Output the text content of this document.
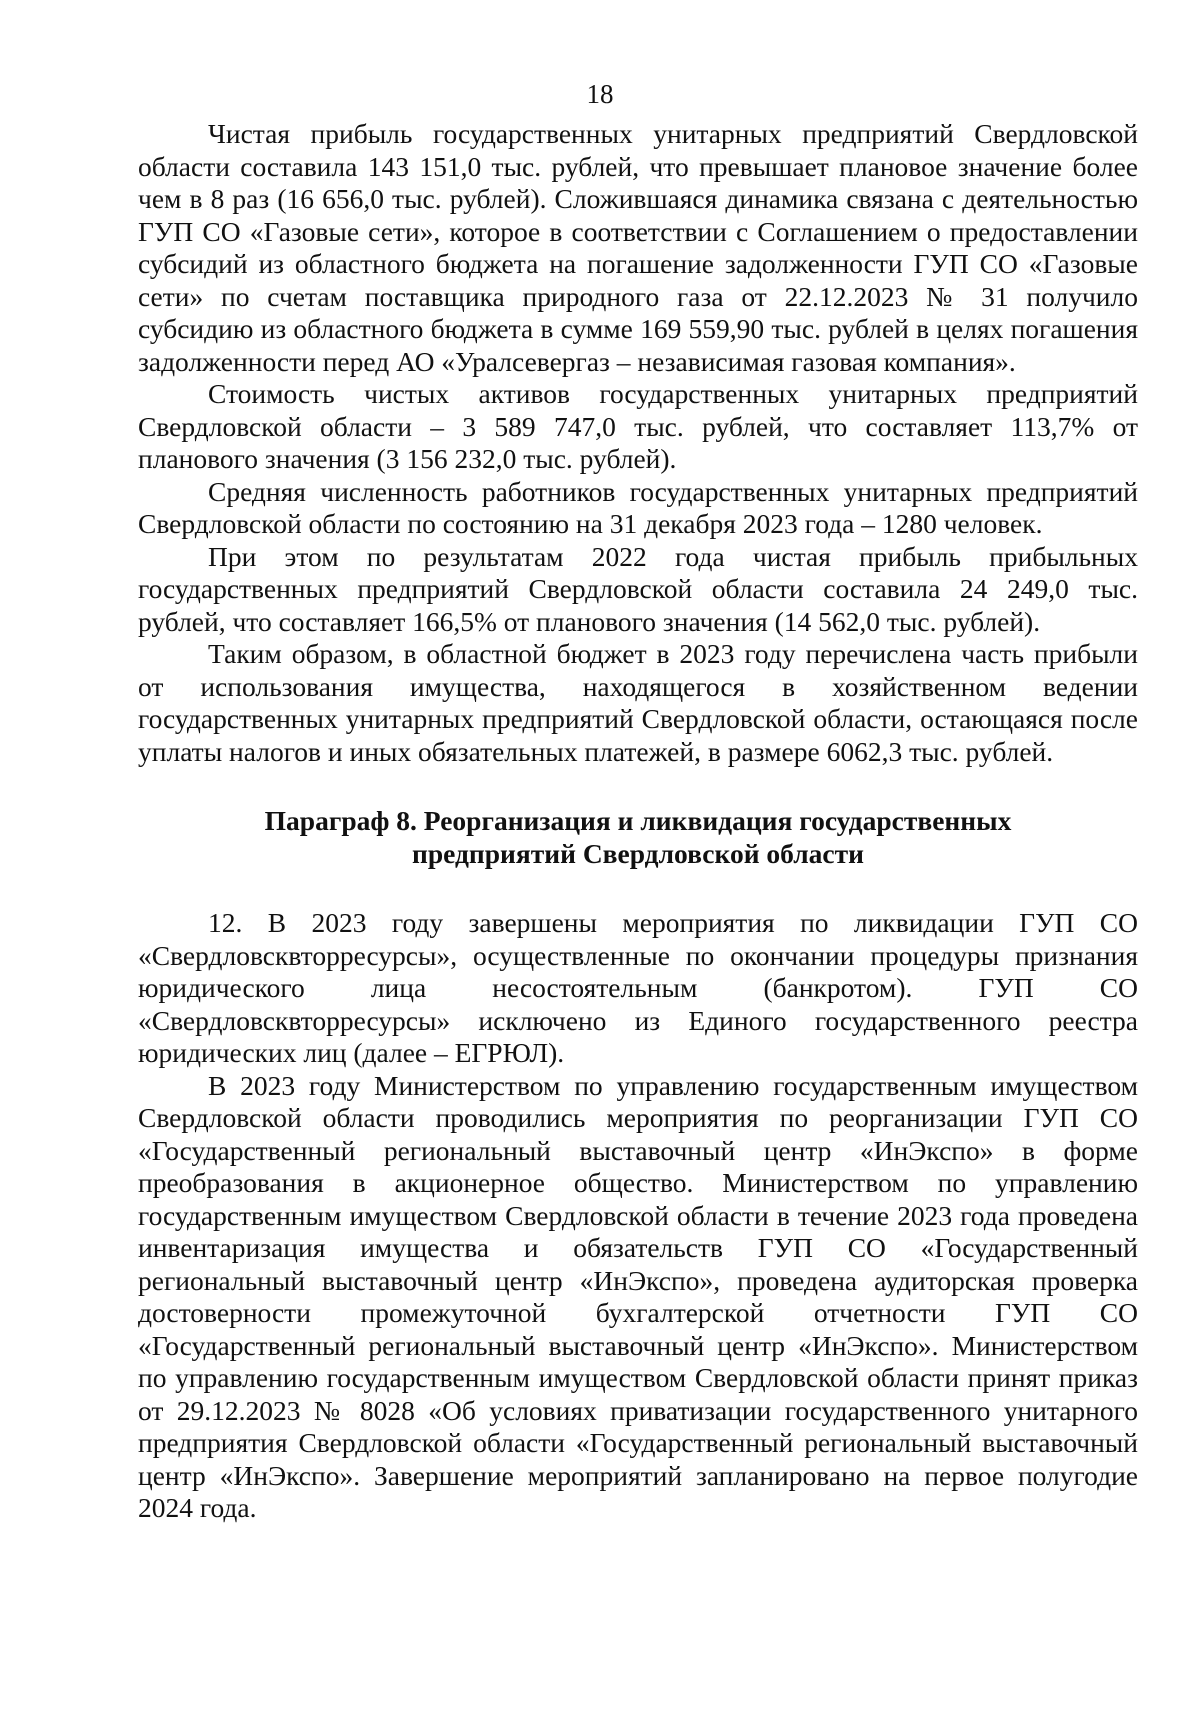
18

Чистая прибыль государственных унитарных предприятий Свердловской области составила 143 151,0 тыс. рублей, что превышает плановое значение более чем в 8 раз (16 656,0 тыс. рублей). Сложившаяся динамика связана с деятельностью ГУП СО «Газовые сети», которое в соответствии с Соглашением о предоставлении субсидий из областного бюджета на погашение задолженности ГУП СО «Газовые сети» по счетам поставщика природного газа от 22.12.2023 № 31 получило субсидию из областного бюджета в сумме 169 559,90 тыс. рублей в целях погашения задолженности перед АО «Уралсевергаз – независимая газовая компания».

Стоимость чистых активов государственных унитарных предприятий Свердловской области – 3 589 747,0 тыс. рублей, что составляет 113,7% от планового значения (3 156 232,0 тыс. рублей).

Средняя численность работников государственных унитарных предприятий Свердловской области по состоянию на 31 декабря 2023 года – 1280 человек.

При этом по результатам 2022 года чистая прибыль прибыльных государственных предприятий Свердловской области составила 24 249,0 тыс. рублей, что составляет 166,5% от планового значения (14 562,0 тыс. рублей).

Таким образом, в областной бюджет в 2023 году перечислена часть прибыли от использования имущества, находящегося в хозяйственном ведении государственных унитарных предприятий Свердловской области, остающаяся после уплаты налогов и иных обязательных платежей, в размере 6062,3 тыс. рублей.

Параграф 8. Реорганизация и ликвидация государственных
предприятий Свердловской области

12. В 2023 году завершены мероприятия по ликвидации ГУП СО «Свердловсквторресурсы», осуществленные по окончании процедуры признания юридического лица несостоятельным (банкротом). ГУП СО «Свердловсквторресурсы» исключено из Единого государственного реестра юридических лиц (далее – ЕГРЮЛ).

В 2023 году Министерством по управлению государственным имуществом Свердловской области проводились мероприятия по реорганизации ГУП СО «Государственный региональный выставочный центр «ИнЭкспо» в форме преобразования в акционерное общество. Министерством по управлению государственным имуществом Свердловской области в течение 2023 года проведена инвентаризация имущества и обязательств ГУП СО «Государственный региональный выставочный центр «ИнЭкспо», проведена аудиторская проверка достоверности промежуточной бухгалтерской отчетности ГУП СО «Государственный региональный выставочный центр «ИнЭкспо». Министерством по управлению государственным имуществом Свердловской области принят приказ от 29.12.2023 № 8028 «Об условиях приватизации государственного унитарного предприятия Свердловской области «Государственный региональный выставочный центр «ИнЭкспо». Завершение мероприятий запланировано на первое полугодие 2024 года.
